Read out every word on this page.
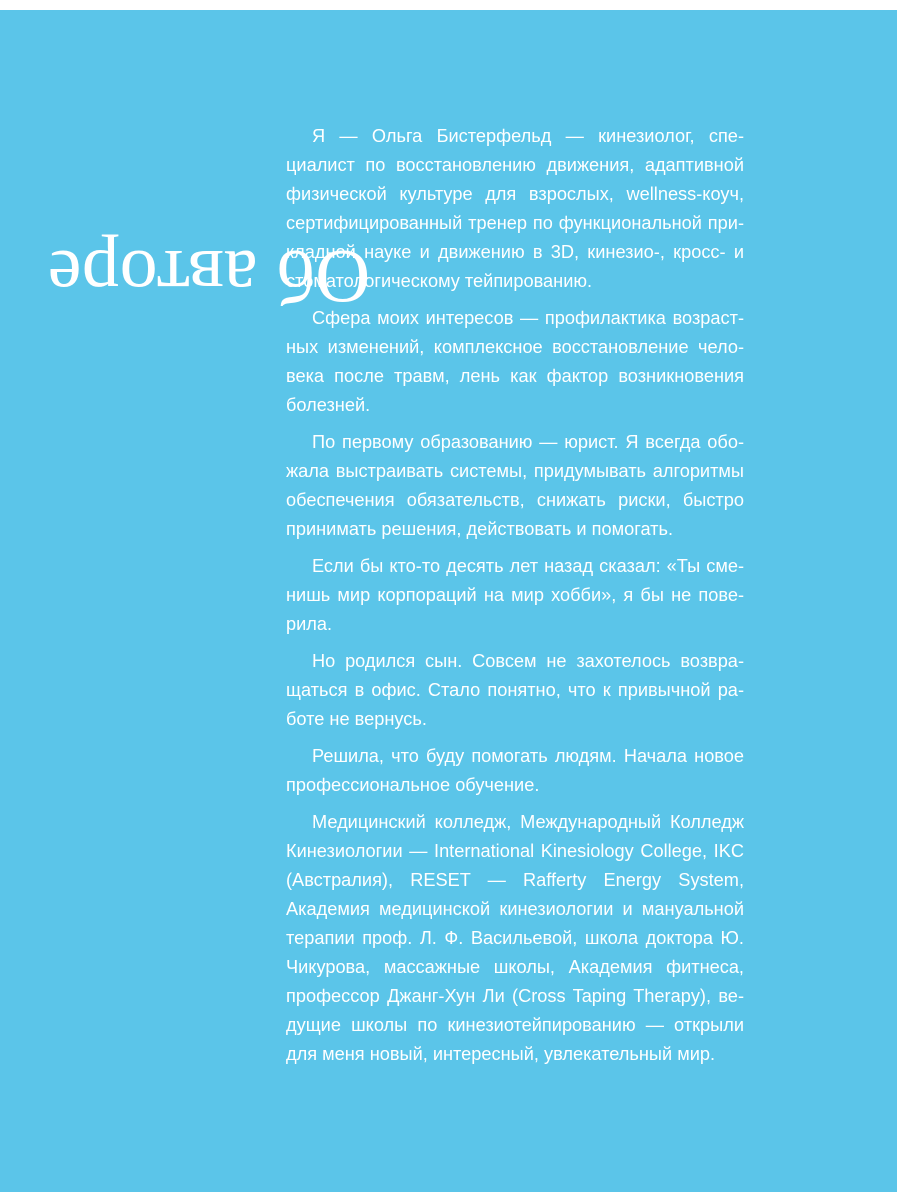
Об авторе

Я — Ольга Бистерфельд — кинезиолог, специалист по восстановлению движения, адаптивной физической культуре для взрослых, wellness-коуч, сертифицированный тренер по функциональной прикладной науке и движению в 3D, кинезио-, кросс- и стоматологическому тейпированию.

Сфера моих интересов — профилактика возрастных изменений, комплексное восстановление человека после травм, лень как фактор возникновения болезней.

По первому образованию — юрист. Я всегда обожала выстраивать системы, придумывать алгоритмы обеспечения обязательств, снижать риски, быстро принимать решения, действовать и помогать.

Если бы кто-то десять лет назад сказал: «Ты сменишь мир корпораций на мир хобби», я бы не поверила.

Но родился сын. Совсем не захотелось возвращаться в офис. Стало понятно, что к привычной работе не вернусь.

Решила, что буду помогать людям. Начала новое профессиональное обучение.

Медицинский колледж, Международный Колледж Кинезиологии — International Kinesiology College, IKC (Австралия), RESET — Rafferty Energy System, Академия медицинской кинезиологии и мануальной терапии проф. Л. Ф. Васильевой, школа доктора Ю. Чикурова, массажные школы, Академия фитнеса, профессор Джанг-Хун Ли (Cross Taping Therapy), ведущие школы по кинезиотейпированию — открыли для меня новый, интересный, увлекательный мир.
